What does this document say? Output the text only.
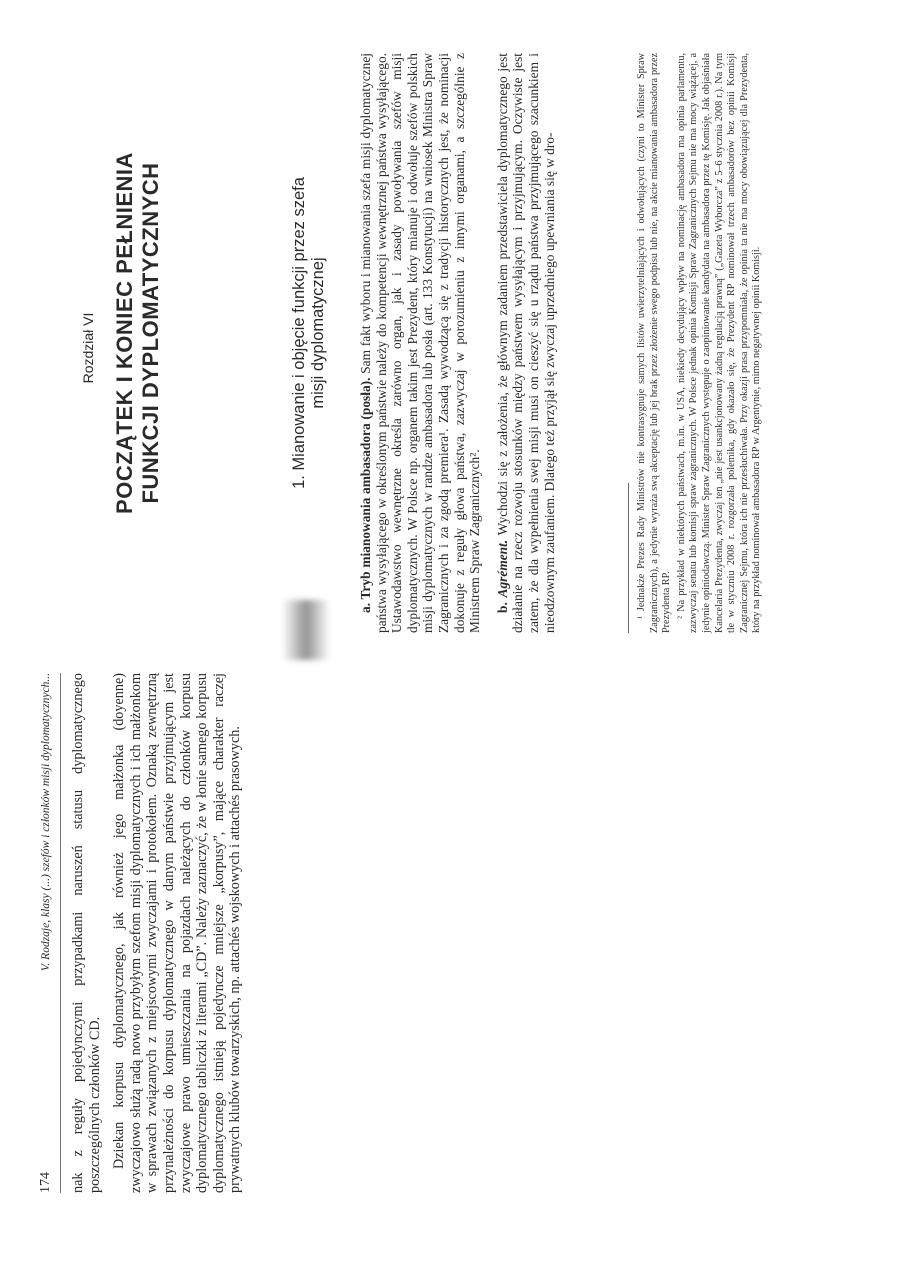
174
V. Rodzaje, klasy (...) szefów i członków misji dyplomatycznych... nak z reguły pojedynczymi przypadkami naruszeń statusu dyplomatycznego poszczególnych członków CD. Dziekan korpusu dyplomatycznego, jak również jego małżonka (doyenne) zwyczajowo służą radą nowo przybyłym szefom misji dyplomatycznych i ich małżonkom w sprawach związanych z miejscowymi zwyczajami i protokołem. Oznaką zewnętrzną przynależności do korpusu dyplomatycznego w danym państwie przyjmującym jest zwyczajowe prawo umieszczania na pojazdach należących do członków korpusu dyplomatycznego tabliczki z literami „CD”. Należy zaznaczyć, że w łonie samego korpusu dyplomatycznego istnieją pojedyncze mniejsze „korpusy”, mające charakter raczej prywatnych klubów towarzyskich, np. attachés wojskowych i attachés prasowych.

Rozdział VI POCZĄTEK I KONIEC PEŁNIENIA FUNKCJI DYPLOMATYCZNYCH	1. Mianowanie i objęcie funkcji przez szefa misji dyplomatycznej

a. Tryb mianowania ambasadora (posła). Sam fakt wyboru i mianowania szefa misji dyplomatycznej państwa wysyłającego w określonym państwie należy do kompetencji wewnętrznej państwa wysyłającego. Ustawodawstwo wewnętrzne określa zarówno organ, jak i zasady powoływania szefów misji dyplomatycznych. W Polsce np. organem takim jest Prezydent, który mianuje i odwołuje szefów polskich misji dyplomatycznych w randze ambasadora lub posła (art. 133 Konstytucji) na wniosek Ministra Spraw Zagranicznych i za zgodą premiera¹. Zasadą wywodzącą się z tradycji historycznych jest, że nominacji dokonuje z reguły głowa państwa, zazwyczaj w porozumieniu z innymi organami, a szczególnie z Ministrem Spraw Zagranicznych². b. Agrément. Wychodzi się z założenia, że głównym zadaniem przedstawiciela dyplomatycznego jest działanie na rzecz rozwoju stosunków między państwem wysyłającym i przyjmującym. Oczywiste jest zatem, że dla wypełnienia swej misji musi on cieszyć się u rządu państwa przyjmującego szacunkiem i nieodzownym zaufaniem. Dlatego też przyjął się zwyczaj uprzedniego upewniania się w dro-	¹ Jednakże Prezes Rady Ministrów nie kontrasygnuje samych listów uwierzytelniających i odwołujących (czyni to Minister Spraw Zagranicznych), a jedynie wyraża swą akceptację lub jej brak przez złożenie swego podpisu lub nie, na akcie mianowania ambasadora przez Prezydenta RP. ² Na przykład w niektórych państwach, m.in. w USA, niekiedy decydujący wpływ na nominację ambasadora ma opinia parlamentu, zazwyczaj senatu lub komisji spraw zagranicznych. W Polsce jednak opinia Komisji Spraw Zagranicznych Sejmu nie ma mocy wiążącej, a jedynie opiniodawczą. Minister Spraw Zagranicznych występuje o zaopiniowanie kandydata na ambasadora przez tę Komisję. Jak objaśniała Kancelaria Prezydenta, zwyczaj ten „nie jest usankcjonowany żadną regulacją prawną” („Gazeta Wyborcza” z 5–6 stycznia 2008 r.). Na tym tle w styczniu 2008 r. rozgorzała polemika, gdy okazało się, że Prezydent RP nominował trzech ambasadorów bez opinii Komisji Zagranicznej Sejmu, która ich nie przesłuchiwała. Przy okazji prasa przypomniała, że opinia ta nie ma mocy obowiązującej dla Prezydenta, który na przykład nominował ambasadora RP w Argentynie, mimo negatywnej opinii Komisji.
